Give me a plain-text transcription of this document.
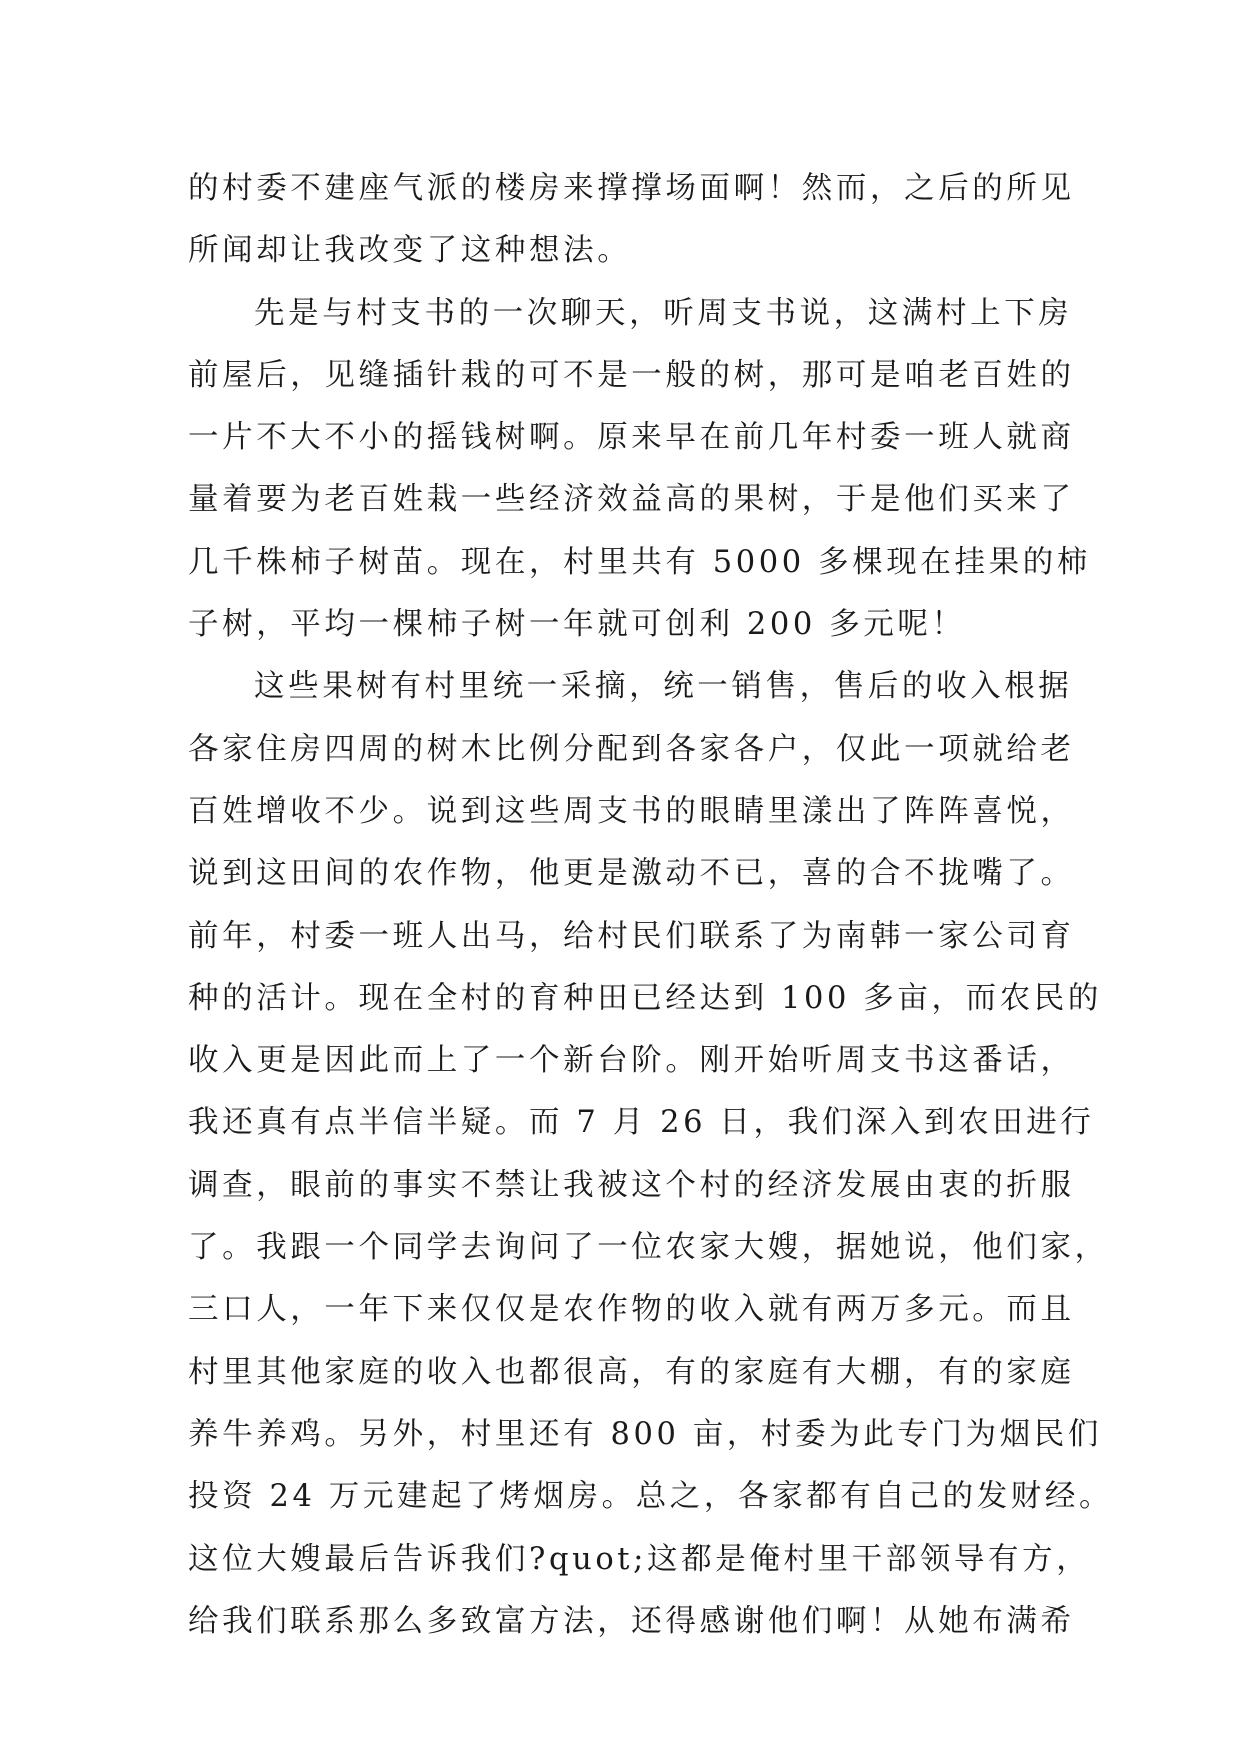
的村委不建座气派的楼房来撑撑场面啊！然而，之后的所见
所闻却让我改变了这种想法。
先是与村支书的一次聊天，听周支书说，这满村上下房
前屋后，见缝插针栽的可不是一般的树，那可是咱老百姓的
一片不大不小的摇钱树啊。原来早在前几年村委一班人就商
量着要为老百姓栽一些经济效益高的果树，于是他们买来了
几千株柿子树苗。现在，村里共有 5000 多棵现在挂果的柿
子树，平均一棵柿子树一年就可创利 200 多元呢！
这些果树有村里统一采摘，统一销售，售后的收入根据
各家住房四周的树木比例分配到各家各户，仅此一项就给老
百姓增收不少。说到这些周支书的眼睛里漾出了阵阵喜悦，
说到这田间的农作物，他更是激动不已，喜的合不拢嘴了。
前年，村委一班人出马，给村民们联系了为南韩一家公司育
种的活计。现在全村的育种田已经达到 100 多亩，而农民的
收入更是因此而上了一个新台阶。刚开始听周支书这番话，
我还真有点半信半疑。而 7 月 26 日，我们深入到农田进行
调查，眼前的事实不禁让我被这个村的经济发展由衷的折服
了。我跟一个同学去询问了一位农家大嫂，据她说，他们家，
三口人，一年下来仅仅是农作物的收入就有两万多元。而且
村里其他家庭的收入也都很高，有的家庭有大棚，有的家庭
养牛养鸡。另外，村里还有 800 亩，村委为此专门为烟民们
投资 24 万元建起了烤烟房。总之，各家都有自己的发财经。
这位大嫂最后告诉我们?quot;这都是俺村里干部领导有方，
给我们联系那么多致富方法，还得感谢他们啊！从她布满希
